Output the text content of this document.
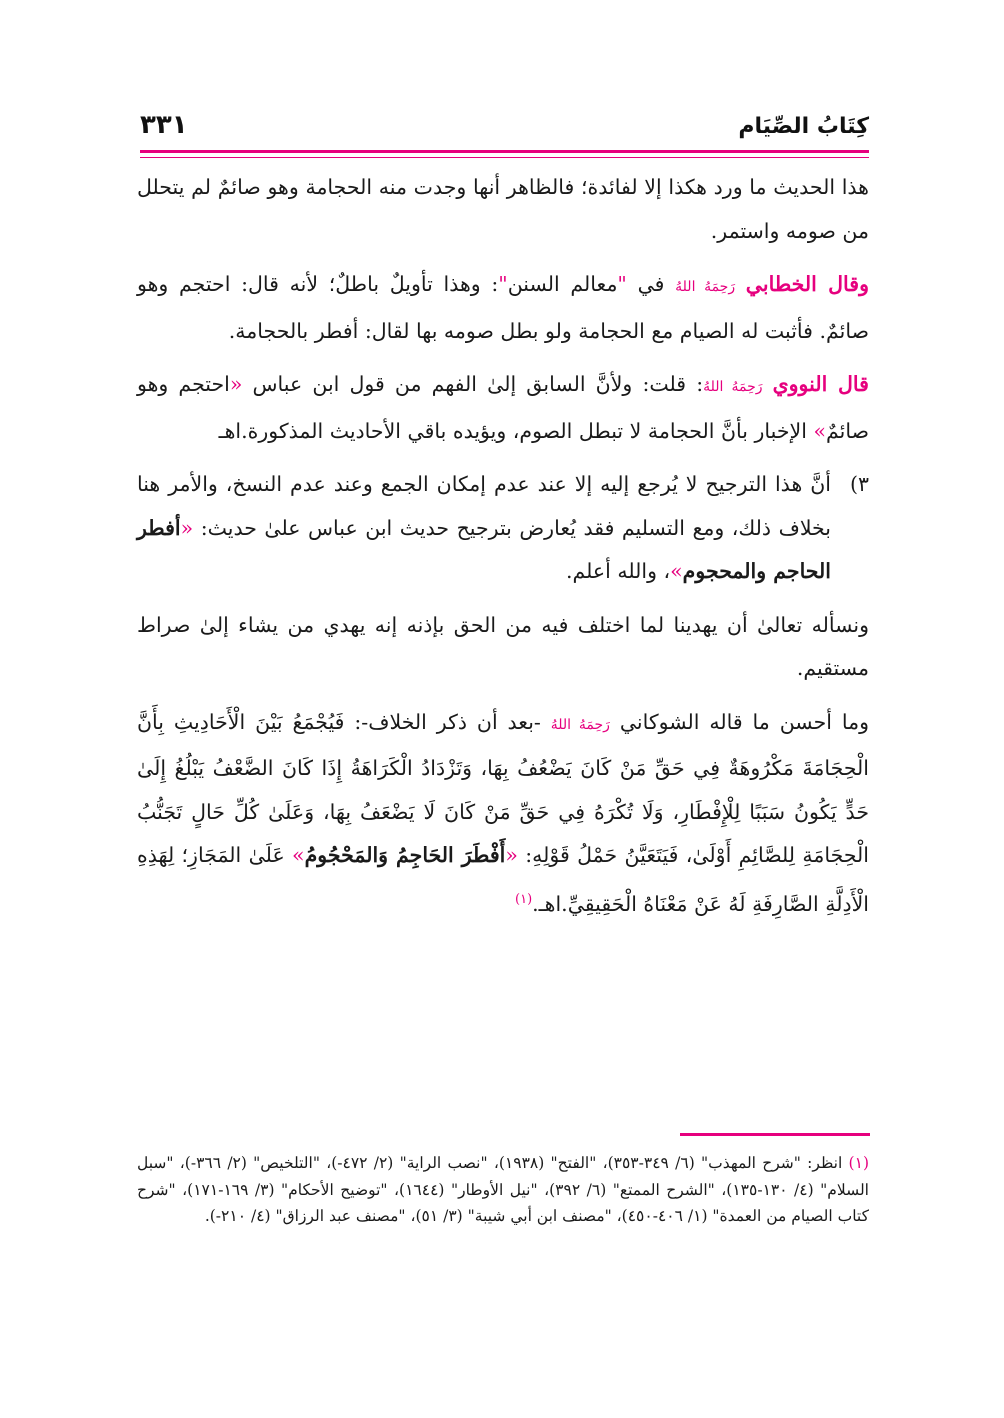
كِتَابُ الصِّيَام
٣٣١

هذا الحديث ما ورد هكذا إلا لفائدة؛ فالظاهر أنها وجدت منه الحجامة وهو صائمٌ لم يتحلل من صومه واستمر.

وقال الخطابي رَحِمَهُ اللهُ في "معالم السنن": وهذا تأويلٌ باطلٌ؛ لأنه قال: احتجم وهو صائمٌ. فأثبت له الصيام مع الحجامة ولو بطل صومه بها لقال: أفطر بالحجامة.

قال النووي رَحِمَهُ اللهُ: قلت: ولأنَّ السابق إلىٰ الفهم من قول ابن عباس «احتجم وهو صائمٌ» الإخبار بأنَّ الحجامة لا تبطل الصوم، ويؤيده باقي الأحاديث المذكورة.اهـ

٣)
أنَّ هذا الترجيح لا يُرجع إليه إلا عند عدم إمكان الجمع وعند عدم النسخ، والأمر هنا بخلاف ذلك، ومع التسليم فقد يُعارض بترجيح حديث ابن عباس علىٰ حديث: «أفطر الحاجم والمحجوم»، والله أعلم.

ونسأله تعالىٰ أن يهدينا لما اختلف فيه من الحق بإذنه إنه يهدي من يشاء إلىٰ صراط مستقيم.

وما أحسن ما قاله الشوكاني رَحِمَهُ اللهُ -بعد أن ذكر الخلاف-: فَيُجْمَعُ بَيْنَ الْأَحَادِيثِ بِأَنَّ الْحِجَامَةَ مَكْرُوهَةٌ فِي حَقِّ مَنْ كَانَ يَضْعُفُ بِهَا، وَتَزْدَادُ الْكَرَاهَةُ إِذَا كَانَ الضَّعْفُ يَبْلُغُ إِلَىٰ حَدٍّ يَكُونُ سَبَبًا لِلْإِفْطَارِ، وَلَا تُكْرَهُ فِي حَقِّ مَنْ كَانَ لَا يَضْعَفُ بِهَا، وَعَلَىٰ كُلِّ حَالٍ تَجَنُّبُ الْحِجَامَةِ لِلصَّائِمِ أَوْلَىٰ، فَيَتَعَيَّنُ حَمْلُ قَوْلِهِ: «أَفْطَرَ الحَاجِمُ وَالمَحْجُومُ» عَلَىٰ المَجَازِ؛ لِهَذِهِ الْأَدِلَّةِ الصَّارِفَةِ لَهُ عَنْ مَعْنَاهُ الْحَقِيقِيِّ.اهـ.$^{(١)}$

(١) انظر: "شرح المهذب" (٦/ ٣٤٩-٣٥٣)، "الفتح" (١٩٣٨)، "نصب الراية" (٢/ ٤٧٢-)، "التلخيص" (٢/ ٣٦٦-)، "سبل السلام" (٤/ ١٣٠-١٣٥)، "الشرح الممتع" (٦/ ٣٩٢)، "نيل الأوطار" (١٦٤٤)، "توضيح الأحكام" (٣/ ١٦٩-١٧١)، "شرح كتاب الصيام من العمدة" (١/ ٤٠٦-٤٥٠)، "مصنف ابن أبي شيبة" (٣/ ٥١)، "مصنف عبد الرزاق" (٤/ ٢١٠-).
